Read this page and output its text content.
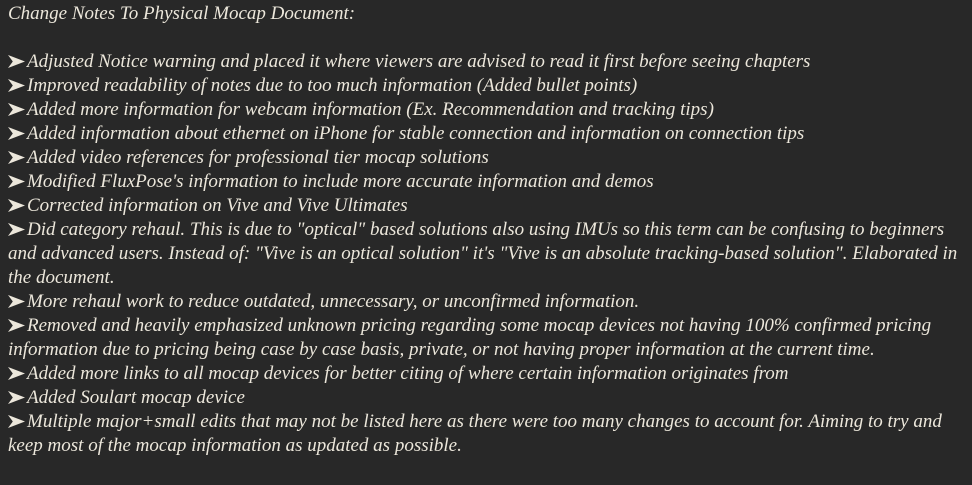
Change Notes To Physical Mocap Document:
Adjusted Notice warning and placed it where viewers are advised to read it first before seeing chapters
Improved readability of notes due to too much information (Added bullet points)
Added more information for webcam information (Ex. Recommendation and tracking tips)
Added information about ethernet on iPhone for stable connection and information on connection tips
Added video references for professional tier mocap solutions
Modified FluxPose's information to include more accurate information and demos
Corrected information on Vive and Vive Ultimates
Did category rehaul. This is due to "optical" based solutions also using IMUs so this term can be confusing to beginners and advanced users. Instead of: "Vive is an optical solution" it's "Vive is an absolute tracking-based solution". Elaborated in the document.
More rehaul work to reduce outdated, unnecessary, or unconfirmed information.
Removed and heavily emphasized unknown pricing regarding some mocap devices not having 100% confirmed pricing information due to pricing being case by case basis, private, or not having proper information at the current time.
Added more links to all mocap devices for better citing of where certain information originates from
Added Soulart mocap device
Multiple major+small edits that may not be listed here as there were too many changes to account for. Aiming to try and keep most of the mocap information as updated as possible.
